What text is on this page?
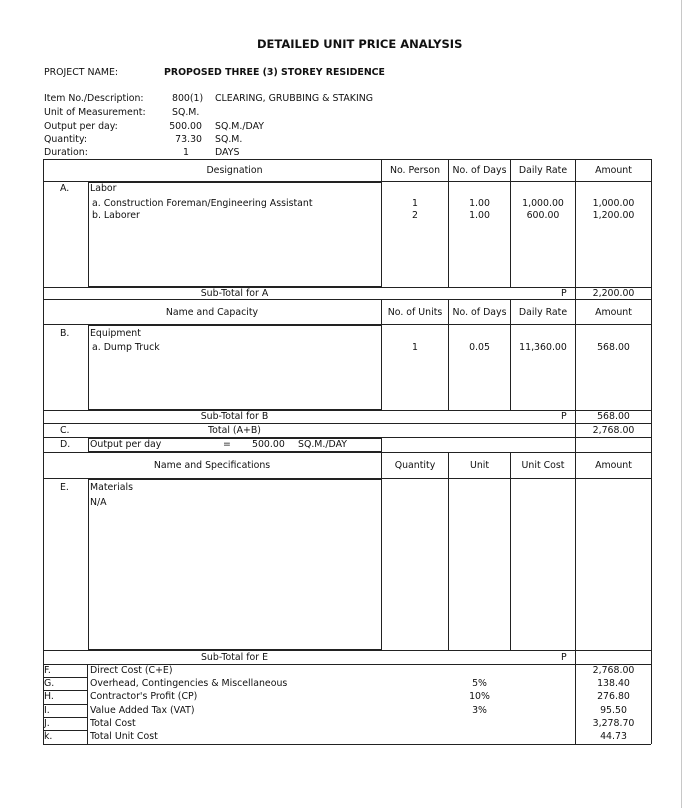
DETAILED UNIT PRICE ANALYSIS
PROJECT NAME:	PROPOSED THREE (3) STOREY RESIDENCE
Item No./Description:	800(1) CLEARING, GRUBBING & STAKING
Unit of Measurement:	SQ.M.
Output per day:	500.00 SQ.M./DAY
Quantity:	73.30 SQ.M.
Duration:	1	DAYS
Designation	No. Person	No. of Days	Daily Rate	Amount
A. Labor
a. Construction Foreman/Engineering Assistant	1	1.00	1,000.00	1,000.00
b. Laborer	2	1.00	600.00	1,200.00
Sub-Total for A	P	2,200.00
Name and Capacity	No. of Units	No. of Days	Daily Rate	Amount
B. Equipment
a. Dump Truck	1	0.05	11,360.00	568.00
Sub-Total for B	P	568.00
C.	Total (A+B)	2,768.00
D. Output per day	= 500.00 SQ.M./DAY
Name and Specifications	Quantity	Unit	Unit Cost	Amount
E. Materials
N/A
Sub-Total for E	P
F.	Direct Cost (C+E)	2,768.00
G.	Overhead, Contingencies & Miscellaneous	5%	138.40
H.	Contractor's Profit (CP)	10%	276.80
I.	Value Added Tax (VAT)	3%	95.50
J.	Total Cost	3,278.70
k.	Total Unit Cost	44.73
